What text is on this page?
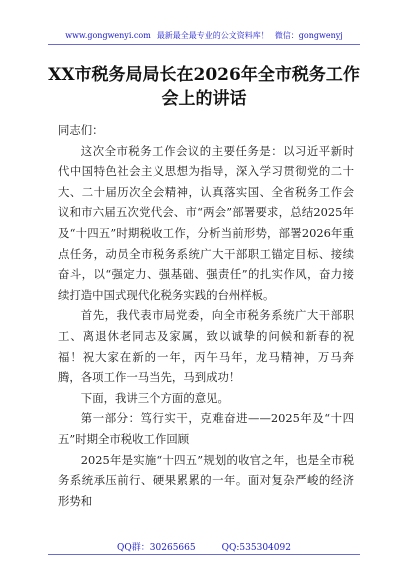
www.gongwenyi.com 最新最全最专业的公文资料库！ 微信：gongwenyj
XX市税务局局长在2026年全市税务工作会上的讲话

同志们：

这次全市税务工作会议的主要任务是：以习近平新时代中国特色社会主义思想为指导，深入学习贯彻党的二十大、二十届历次全会精神，认真落实国、全省税务工作会议和市六届五次党代会、市“两会”部署要求，总结2025年及“十四五”时期税收工作，分析当前形势，部署2026年重点任务，动员全市税务系统广大干部职工锚定目标、接续奋斗，以“强定力、强基础、强责任”的扎实作风，奋力接续打造中国式现代化税务实践的台州样板。

首先，我代表市局党委，向全市税务系统广大干部职工、离退休老同志及家属，致以诚挚的问候和新春的祝福！祝大家在新的一年，丙午马年，龙马精神，万马奔腾，各项工作一马当先，马到成功！

下面，我讲三个方面的意见。

第一部分：笃行实干，克难奋进——2025年及“十四五”时期全市税收工作回顾

2025年是实施“十四五”规划的收官之年，也是全市税务系统承压前行、硬果累累的一年。面对复杂严峻的经济形势和

QQ群：30265665	QQ:535304092
